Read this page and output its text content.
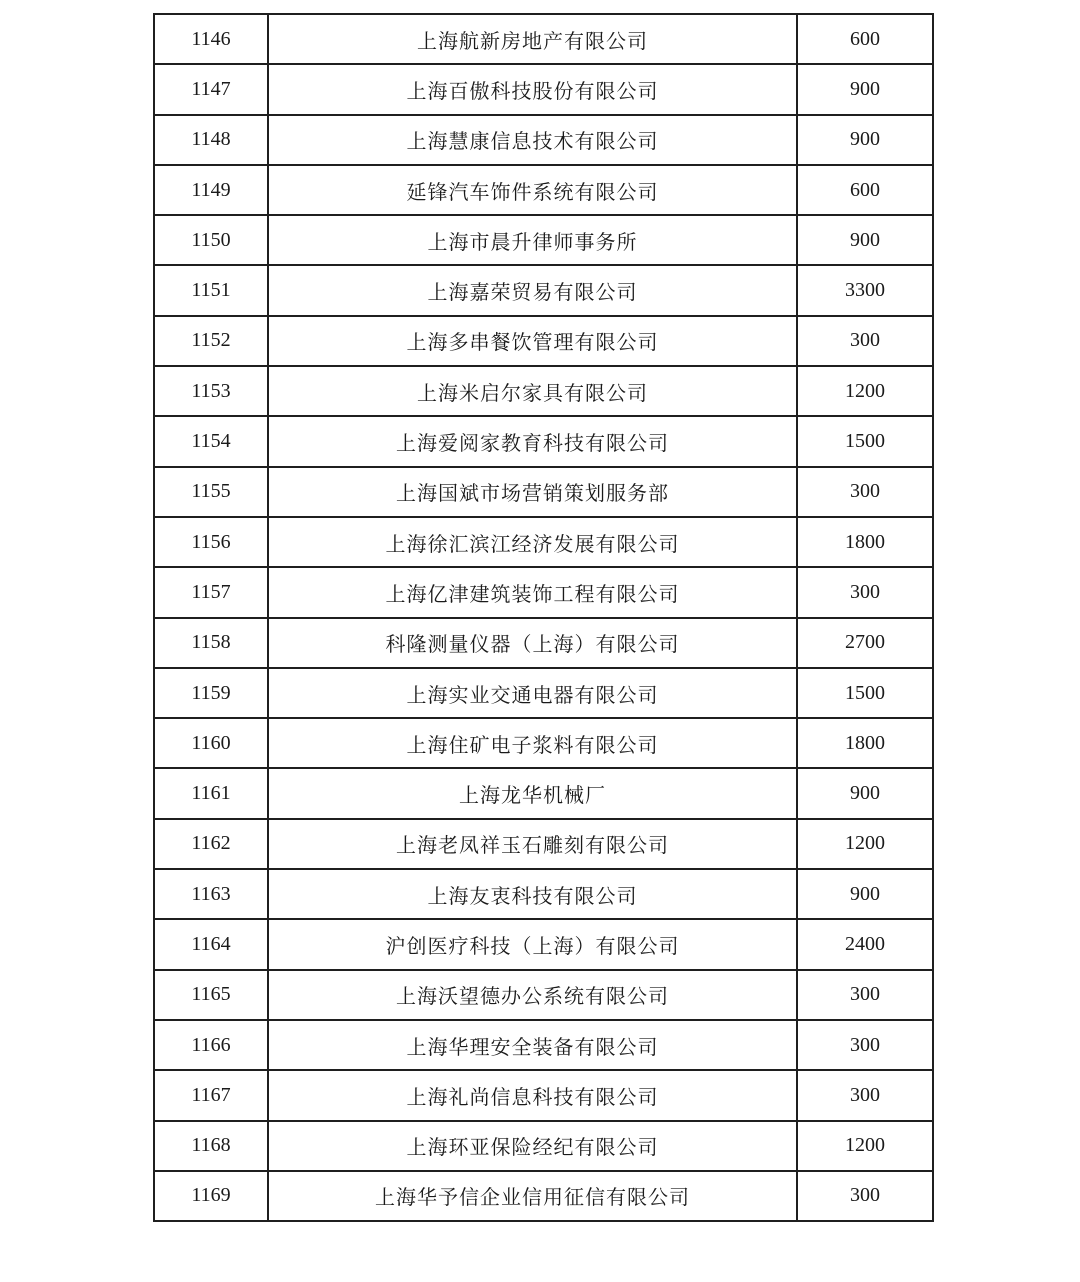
1146	上海航新房地产有限公司	600
1147	上海百傲科技股份有限公司	900
1148	上海慧康信息技术有限公司	900
1149	延锋汽车饰件系统有限公司	600
1150	上海市晨升律师事务所	900
1151	上海嘉荣贸易有限公司	3300
1152	上海多串餐饮管理有限公司	300
1153	上海米启尔家具有限公司	1200
1154	上海爱阅家教育科技有限公司	1500
1155	上海国斌市场营销策划服务部	300
1156	上海徐汇滨江经济发展有限公司	1800
1157	上海亿津建筑装饰工程有限公司	300
1158	科隆测量仪器（上海）有限公司	2700
1159	上海实业交通电器有限公司	1500
1160	上海住矿电子浆料有限公司	1800
1161	上海龙华机械厂	900
1162	上海老凤祥玉石雕刻有限公司	1200
1163	上海友衷科技有限公司	900
1164	沪创医疗科技（上海）有限公司	2400
1165	上海沃望德办公系统有限公司	300
1166	上海华理安全装备有限公司	300
1167	上海礼尚信息科技有限公司	300
1168	上海环亚保险经纪有限公司	1200
1169	上海华予信企业信用征信有限公司	300
